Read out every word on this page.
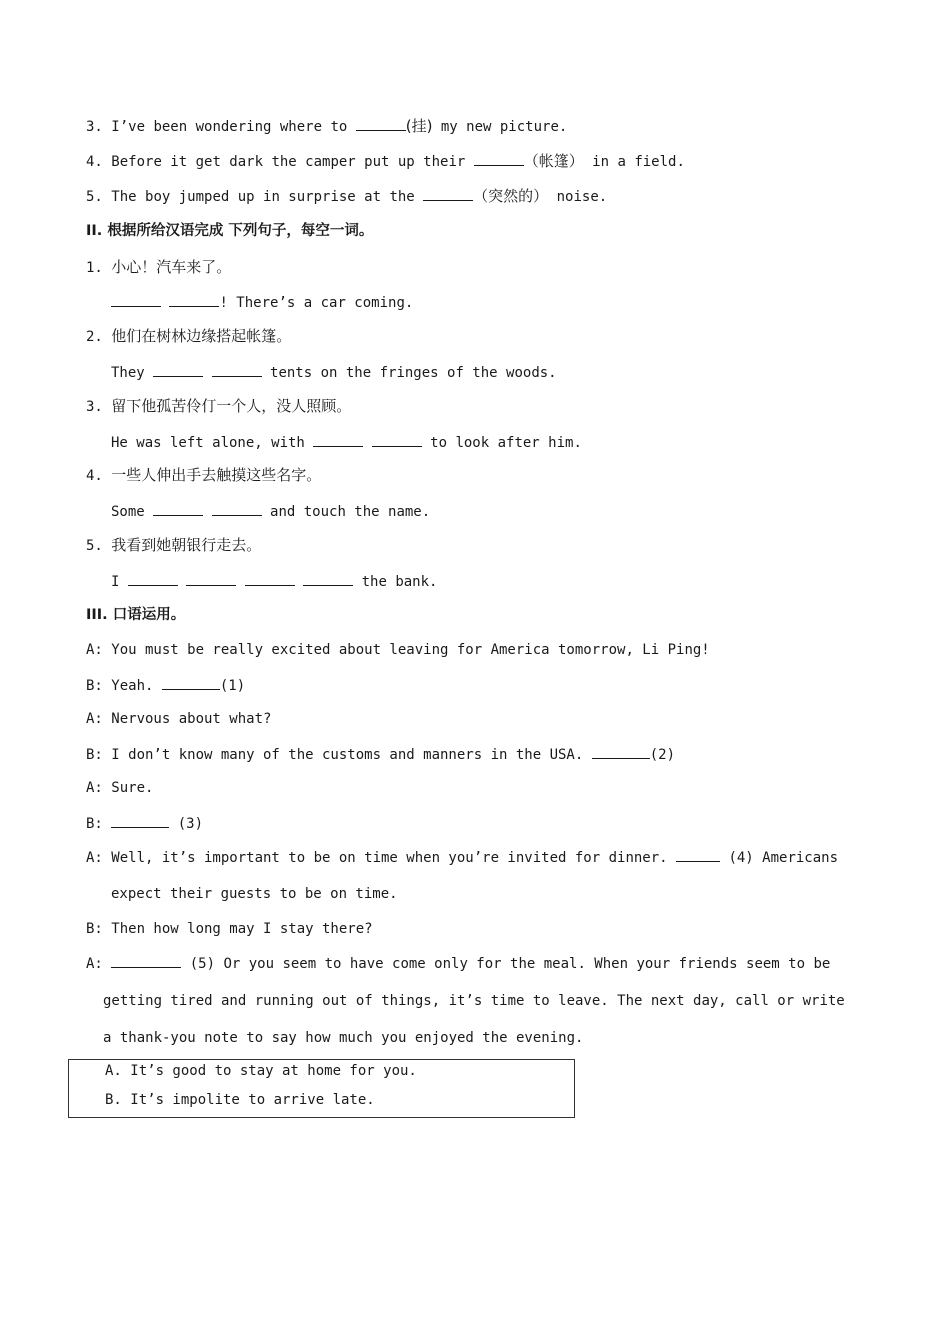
3. I’ve been wondering where to	(挂) my new picture.
4. Before it get dark the camper put up their	（帐篷） in a field.
5. The boy jumped up in surprise at the	（突然的） noise.
II. 根据所给汉语完成 下列句子，每空一词。
1. 小心！汽车来了。
! There’s a car coming.
2. 他们在树林边缘搭起帐篷。
They	tents on the fringes of the woods.
3. 留下他孤苦伶仃一个人，没人照顾。
He was left alone, with	to look after him.
4. 一些人伸出手去触摸这些名字。
Some	and touch the name.
5. 我看到她朝银行走去。
I	the bank.
III. 口语运用。
A: You must be really excited about leaving for America tomorrow, Li Ping!
B: Yeah.	(1)
A: Nervous about what?
B: I don’t know many of the customs and manners in the USA.	(2)
A: Sure.
B:	(3)
A: Well, it’s important to be on time when you’re invited for dinner.	(4) Americans
expect their guests to be on time.
B: Then how long may I stay there?
A:	(5) Or you seem to have come only for the meal. When your friends seem to be
getting tired and running out of things, it’s time to leave. The next day, call or write
a thank-you note to say how much you enjoyed the evening.
A. It’s good to stay at home for you.
B. It’s impolite to arrive late.
